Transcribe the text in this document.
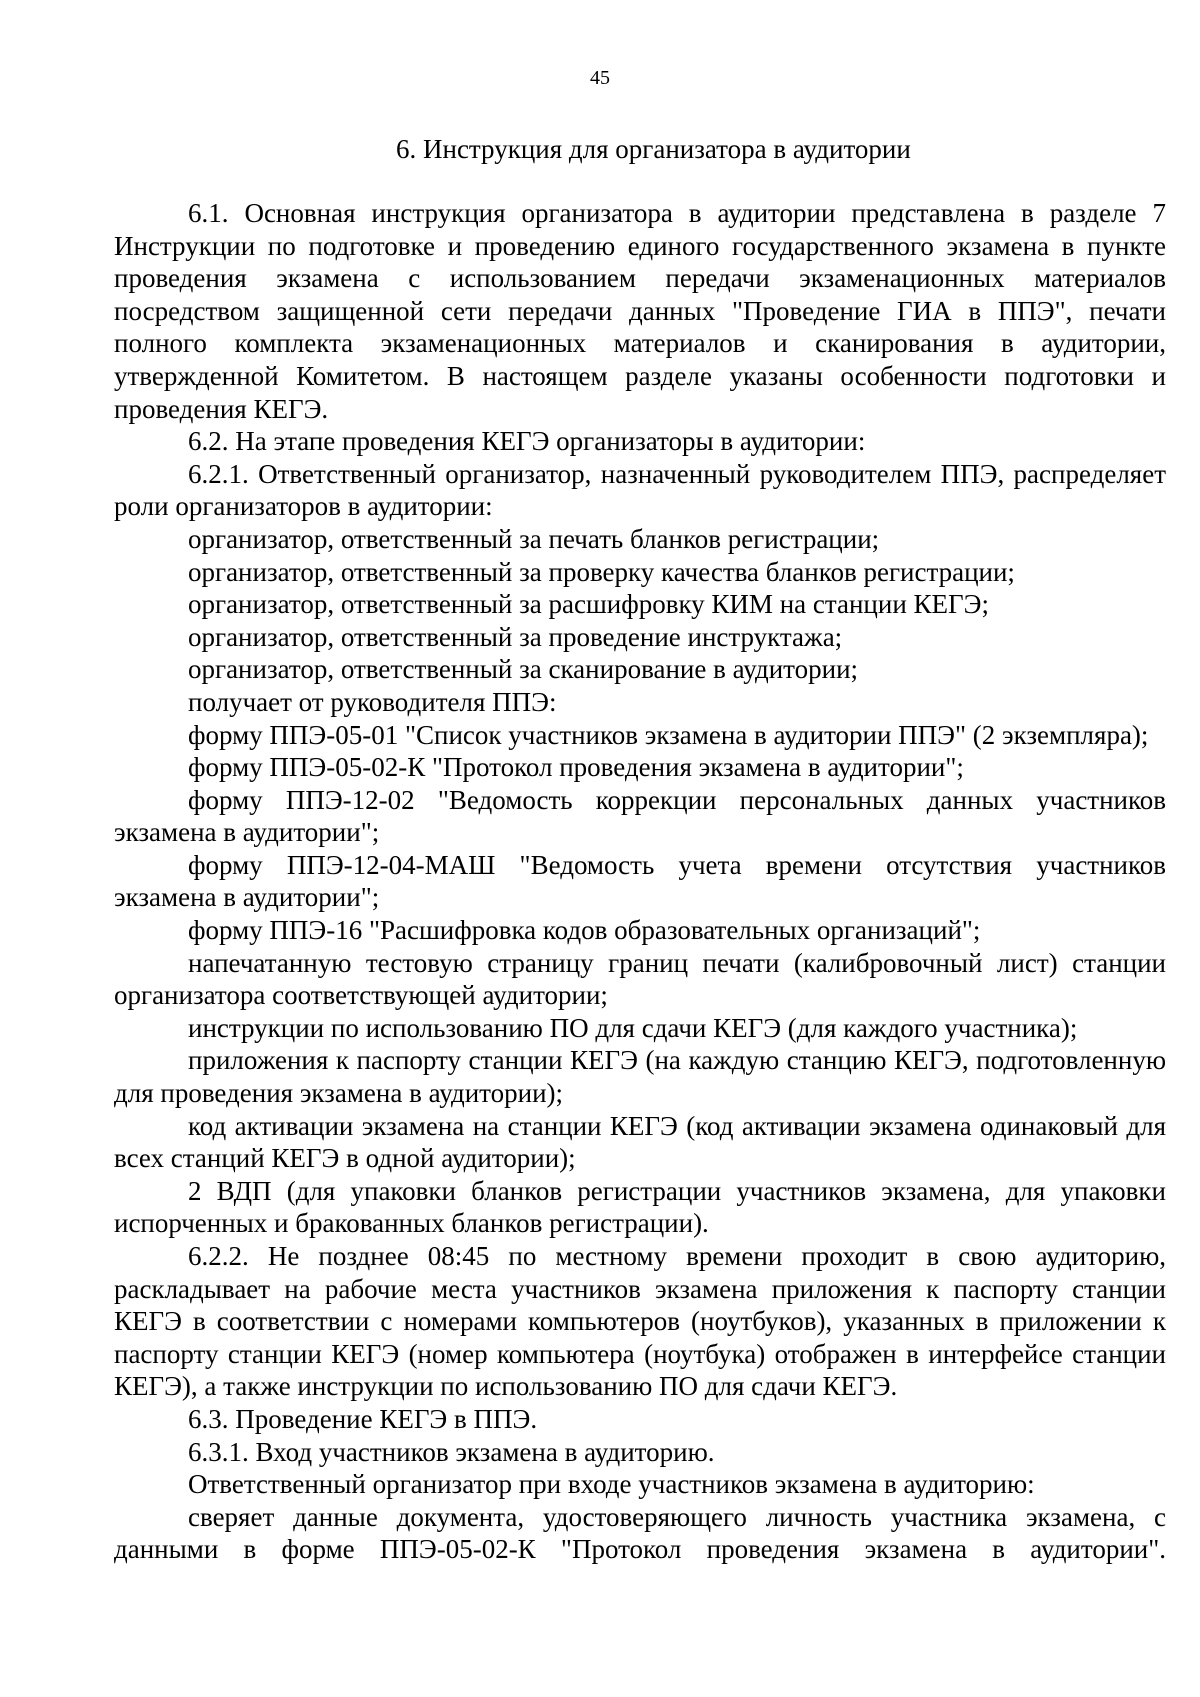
45
6. Инструкция для организатора в аудитории

6.1. Основная инструкция организатора в аудитории представлена в разделе 7 Инструкции по подготовке и проведению единого государственного экзамена в пункте проведения экзамена с использованием передачи экзаменационных материалов посредством защищенной сети передачи данных "Проведение ГИА в ППЭ", печати полного комплекта экзаменационных материалов и сканирования в аудитории, утвержденной Комитетом. В настоящем разделе указаны особенности подготовки и проведения КЕГЭ.

6.2. На этапе проведения КЕГЭ организаторы в аудитории:

6.2.1. Ответственный организатор, назначенный руководителем ППЭ, распределяет роли организаторов в аудитории:

организатор, ответственный за печать бланков регистрации;

организатор, ответственный за проверку качества бланков регистрации;

организатор, ответственный за расшифровку КИМ на станции КЕГЭ;

организатор, ответственный за проведение инструктажа;

организатор, ответственный за сканирование в аудитории;

получает от руководителя ППЭ:

форму ППЭ-05-01 "Список участников экзамена в аудитории ППЭ" (2 экземпляра);

форму ППЭ-05-02-К "Протокол проведения экзамена в аудитории";

форму ППЭ-12-02 "Ведомость коррекции персональных данных участников экзамена в аудитории";

форму ППЭ-12-04-МАШ "Ведомость учета времени отсутствия участников экзамена в аудитории";

форму ППЭ-16 "Расшифровка кодов образовательных организаций";

напечатанную тестовую страницу границ печати (калибровочный лист) станции организатора соответствующей аудитории;

инструкции по использованию ПО для сдачи КЕГЭ (для каждого участника);

приложения к паспорту станции КЕГЭ (на каждую станцию КЕГЭ, подготовленную для проведения экзамена в аудитории);

код активации экзамена на станции КЕГЭ (код активации экзамена одинаковый для всех станций КЕГЭ в одной аудитории);

2 ВДП (для упаковки бланков регистрации участников экзамена, для упаковки испорченных и бракованных бланков регистрации).

6.2.2. Не позднее 08:45 по местному времени проходит в свою аудиторию, раскладывает на рабочие места участников экзамена приложения к паспорту станции КЕГЭ в соответствии с номерами компьютеров (ноутбуков), указанных в приложении к паспорту станции КЕГЭ (номер компьютера (ноутбука) отображен в интерфейсе станции КЕГЭ), а также инструкции по использованию ПО для сдачи КЕГЭ.

6.3. Проведение КЕГЭ в ППЭ.

6.3.1. Вход участников экзамена в аудиторию.

Ответственный организатор при входе участников экзамена в аудиторию:

сверяет данные документа, удостоверяющего личность участника экзамена, с данными в форме ППЭ-05-02-К "Протокол проведения экзамена в аудитории".
